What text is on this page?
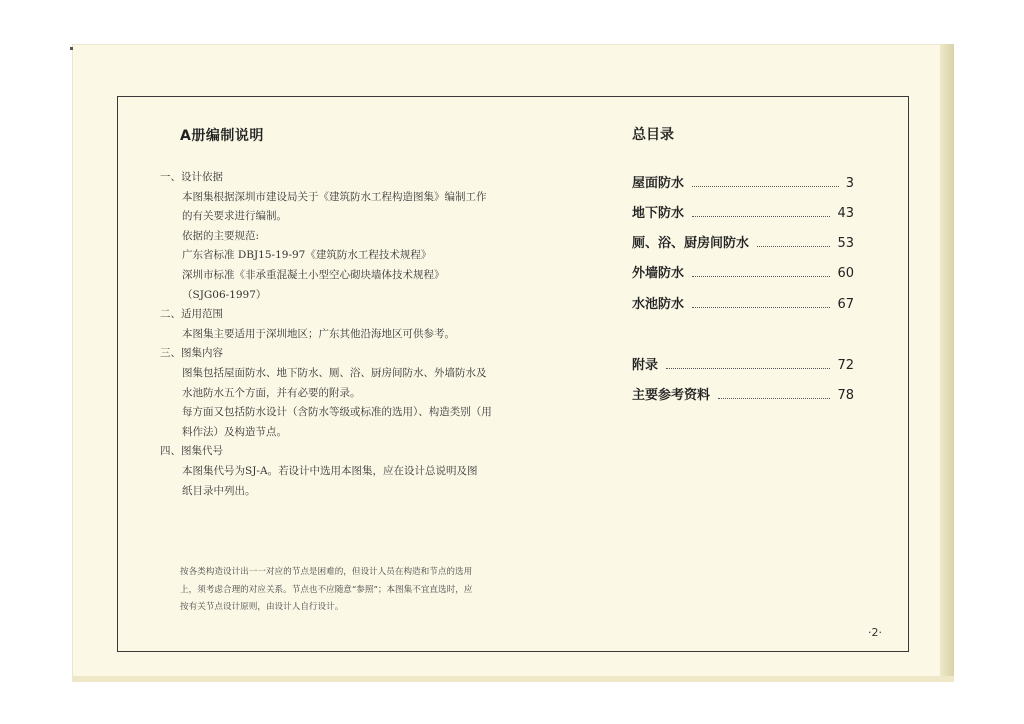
A册编制说明
一、设计依据
本图集根据深圳市建设局关于《建筑防水工程构造图集》编制工作
的有关要求进行编制。
依据的主要规范:
广东省标准 DBJ15-19-97《建筑防水工程技术规程》
深圳市标准《非承重混凝土小型空心砌块墙体技术规程》
（SJG06-1997）
二、适用范围
本图集主要适用于深圳地区；广东其他沿海地区可供参考。
三、图集内容
图集包括屋面防水、地下防水、厕、浴、厨房间防水、外墙防水及
水池防水五个方面，并有必要的附录。
每方面又包括防水设计（含防水等级或标准的选用）、构造类别（用
料作法）及构造节点。
四、图集代号
本图集代号为SJ-A。若设计中选用本图集，应在设计总说明及图
纸目录中列出。
按各类构造设计出一一对应的节点是困难的，但设计人员在构造和节点的选用
上，须考虑合理的对应关系。节点也不应随意“参照”；本图集不宜直选时，应
按有关节点设计原则，由设计人自行设计。
总目录
屋面防水	3
地下防水	43
厕、浴、厨房间防水	53
外墙防水	60
水池防水	67
附录	72
主要参考资料	78
·2·
